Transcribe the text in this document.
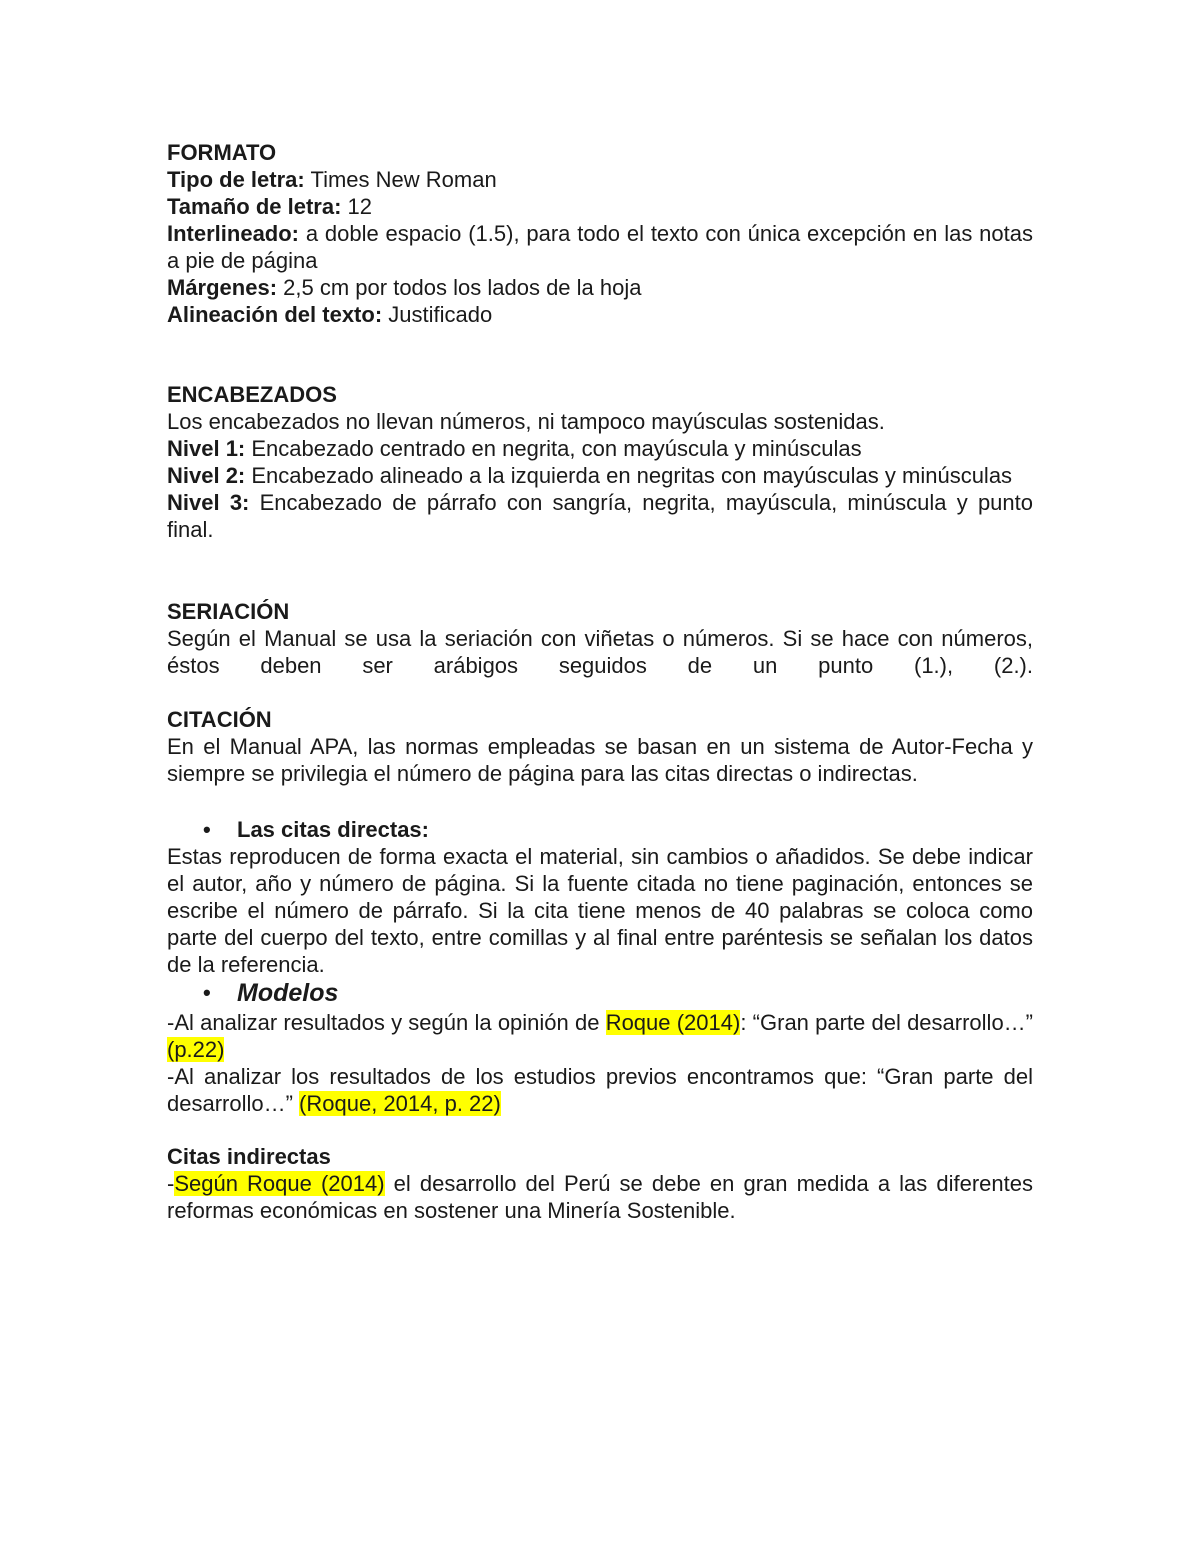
FORMATO

Tipo de letra: Times New Roman

Tamaño de letra: 12

Interlineado: a doble espacio (1.5), para todo el texto con única excepción en las notas a pie de página

Márgenes: 2,5 cm por todos los lados de la hoja

Alineación del texto: Justificado

ENCABEZADOS

Los encabezados no llevan números, ni tampoco mayúsculas sostenidas.

Nivel 1: Encabezado centrado en negrita, con mayúscula y minúsculas

Nivel 2: Encabezado alineado a la izquierda en negritas con mayúsculas y minúsculas

Nivel 3: Encabezado de párrafo con sangría, negrita, mayúscula, minúscula y punto final.

SERIACIÓN

Según el Manual se usa la seriación con viñetas o números. Si se hace con números, éstos deben ser arábigos seguidos de un punto (1.), (2.).

CITACIÓN

En el Manual APA, las normas empleadas se basan en un sistema de Autor-Fecha y siempre se privilegia el número de página para las citas directas o indirectas.

• Las citas directas:

Estas reproducen de forma exacta el material, sin cambios o añadidos. Se debe indicar el autor, año y número de página. Si la fuente citada no tiene paginación, entonces se escribe el número de párrafo. Si la cita tiene menos de 40 palabras se coloca como parte del cuerpo del texto, entre comillas y al final entre paréntesis se señalan los datos de la referencia.

• Modelos

-Al analizar resultados y según la opinión de Roque (2014): “Gran parte del desarrollo…” (p.22)

-Al analizar los resultados de los estudios previos encontramos que: “Gran parte del desarrollo…” (Roque, 2014, p. 22)

Citas indirectas

-Según Roque (2014) el desarrollo del Perú se debe en gran medida a las diferentes reformas económicas en sostener una Minería Sostenible.
